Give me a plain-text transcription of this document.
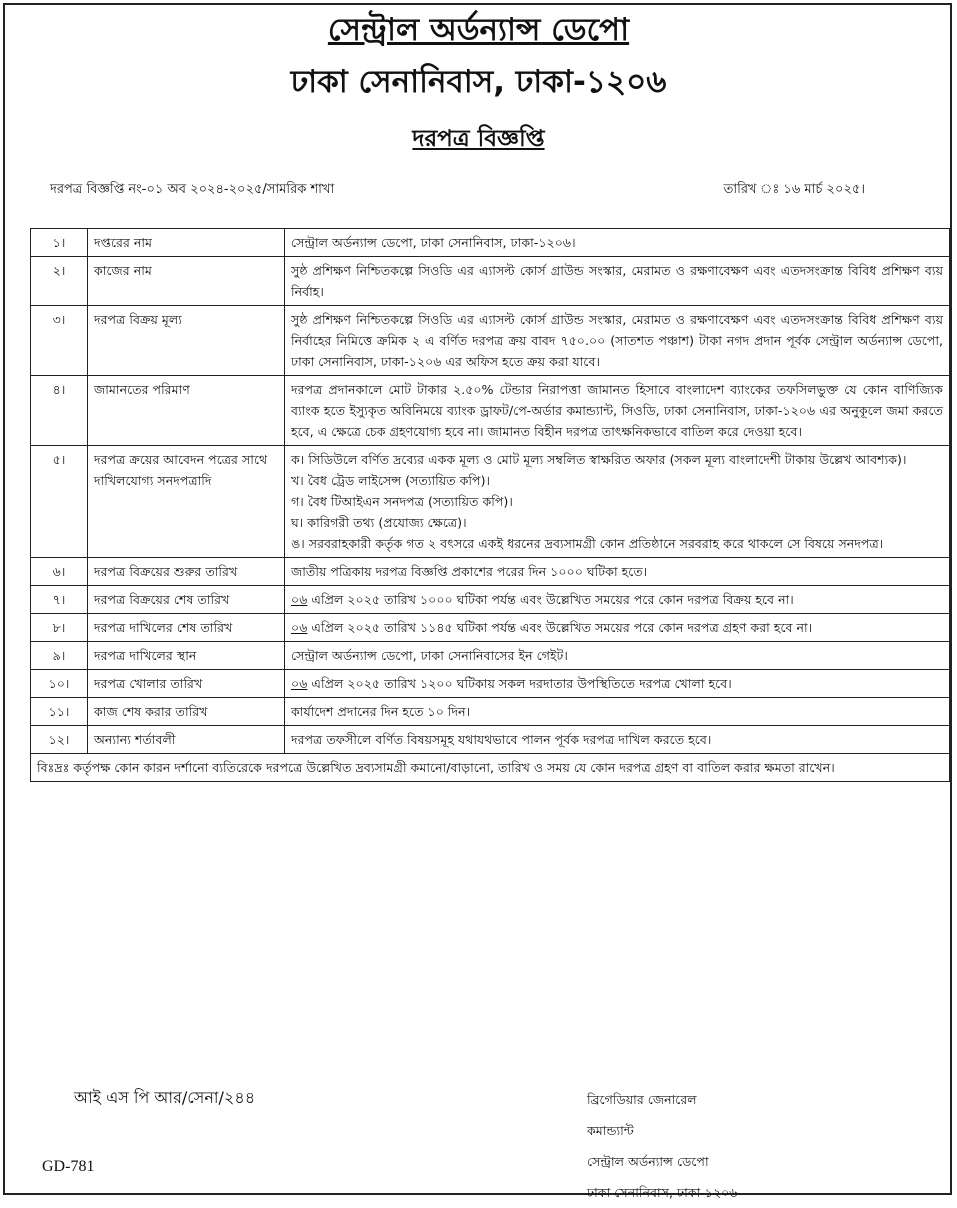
সেন্ট্রাল অর্ডন্যান্স ডেপো
ঢাকা সেনানিবাস, ঢাকা-১২০৬
দরপত্র বিজ্ঞপ্তি
দরপত্র বিজ্ঞপ্তি নং-০১ অব ২০২৪-২০২৫/সামরিক শাখা	তারিখ ঃ ১৬ মার্চ ২০২৫।
১।	দপ্তরের নাম	সেন্ট্রাল অর্ডন্যান্স ডেপো, ঢাকা সেনানিবাস, ঢাকা-১২০৬।
২।	কাজের নাম	সুষ্ঠ প্রশিক্ষণ নিশ্চিতকল্পে সিওডি এর এ্যাসল্ট কোর্স গ্রাউন্ড সংস্কার, মেরামত ও রক্ষণাবেক্ষণ এবং এতদসংক্রান্ত বিবিধ প্রশিক্ষণ ব্যয় নির্বাহ।
৩।	দরপত্র বিক্রয় মূল্য	সুষ্ঠ প্রশিক্ষণ নিশ্চিতকল্পে সিওডি এর এ্যাসল্ট কোর্স গ্রাউন্ড সংস্কার, মেরামত ও রক্ষণাবেক্ষণ এবং এতদসংক্রান্ত বিবিধ প্রশিক্ষণ ব্যয় নির্বাহের নিমিত্তে ক্রমিক ২ এ বর্ণিত দরপত্র ক্রয় বাবদ ৭৫০.০০ (সাতশত পঞ্চাশ) টাকা নগদ প্রদান পূর্বক সেন্ট্রাল অর্ডন্যান্স ডেপো, ঢাকা সেনানিবাস, ঢাকা-১২০৬ এর অফিস হতে ক্রয় করা যাবে।
৪।	জামানতের পরিমাণ	দরপত্র প্রদানকালে মোট টাকার ২.৫০% টেন্ডার নিরাপত্তা জামানত হিসাবে বাংলাদেশ ব্যাংকের তফসিলভুক্ত যে কোন বাণিজ্যিক ব্যাংক হতে ইস্যুকৃত অবিনিময়ে ব্যাংক ড্রাফট/পে-অর্ডার কমান্ড্যান্ট, সিওডি, ঢাকা সেনানিবাস, ঢাকা-১২০৬ এর অনুকূলে জমা করতে হবে, এ ক্ষেত্রে চেক গ্রহণযোগ্য হবে না। জামানত বিহীন দরপত্র তাৎক্ষনিকভাবে বাতিল করে দেওয়া হবে।
৫।	দরপত্র ক্রয়ের আবেদন পত্রের সাথে দাখিলযোগ্য সনদপত্রাদি	ক। সিডিউলে বর্ণিত দ্রব্যের একক মূল্য ও মোট মূল্য সম্বলিত স্বাক্ষরিত অফার (সকল মূল্য বাংলাদেশী টাকায় উল্লেখ আবশ্যক)।
খ। বৈধ ট্রেড লাইসেন্স (সত্যায়িত কপি)।
গ। বৈধ টিআইএন সনদপত্র (সত্যায়িত কপি)।
ঘ। কারিগরী তথ্য (প্রযোজ্য ক্ষেত্রে)।
ঙ। সরবরাহকারী কর্তৃক গত ২ বৎসরে একই ধরনের দ্রব্যসামগ্রী কোন প্রতিষ্ঠানে সরবরাহ করে থাকলে সে বিষয়ে সনদপত্র।

৬।	দরপত্র বিক্রয়ের শুরুর তারিখ	জাতীয় পত্রিকায় দরপত্র বিজ্ঞপ্তি প্রকাশের পরের দিন ১০০০ ঘটিকা হতে।
৭।	দরপত্র বিক্রয়ের শেষ তারিখ	০৬ এপ্রিল ২০২৫ তারিখ ১০০০ ঘটিকা পর্যন্ত এবং উল্লেখিত সময়ের পরে কোন দরপত্র বিক্রয় হবে না।
৮।	দরপত্র দাখিলের শেষ তারিখ	০৬ এপ্রিল ২০২৫ তারিখ ১১৪৫ ঘটিকা পর্যন্ত এবং উল্লেখিত সময়ের পরে কোন দরপত্র গ্রহণ করা হবে না।
৯।	দরপত্র দাখিলের স্থান	সেন্ট্রাল অর্ডন্যান্স ডেপো, ঢাকা সেনানিবাসের ইন গেইট।
১০।	দরপত্র খোলার তারিখ	০৬ এপ্রিল ২০২৫ তারিখ ১২০০ ঘটিকায় সকল দরদাতার উপস্থিতিতে দরপত্র খোলা হবে।
১১।	কাজ শেষ করার তারিখ	কার্যাদেশ প্রদানের দিন হতে ১০ দিন।
১২।	অন্যান্য শর্তাবলী	দরপত্র তফসীলে বর্ণিত বিষয়সমূহ যথাযথভাবে পালন পূর্বক দরপত্র দাখিল করতে হবে।
বিঃদ্রঃ কর্তৃপক্ষ কোন কারন দর্শানো ব্যতিরেকে দরপত্রে উল্লেখিত দ্রব্যসামগ্রী কমানো/বাড়ানো, তারিখ ও সময় যে কোন দরপত্র গ্রহণ বা বাতিল করার ক্ষমতা রাখেন।		
আই এস পি আর/সেনা/২৪৪	ব্রিগেডিয়ার জেনারেল
কমান্ড্যান্ট
সেন্ট্রাল অর্ডন্যান্স ডেপো
ঢাকা সেনানিবাস, ঢাকা-১২০৬
GD-781
